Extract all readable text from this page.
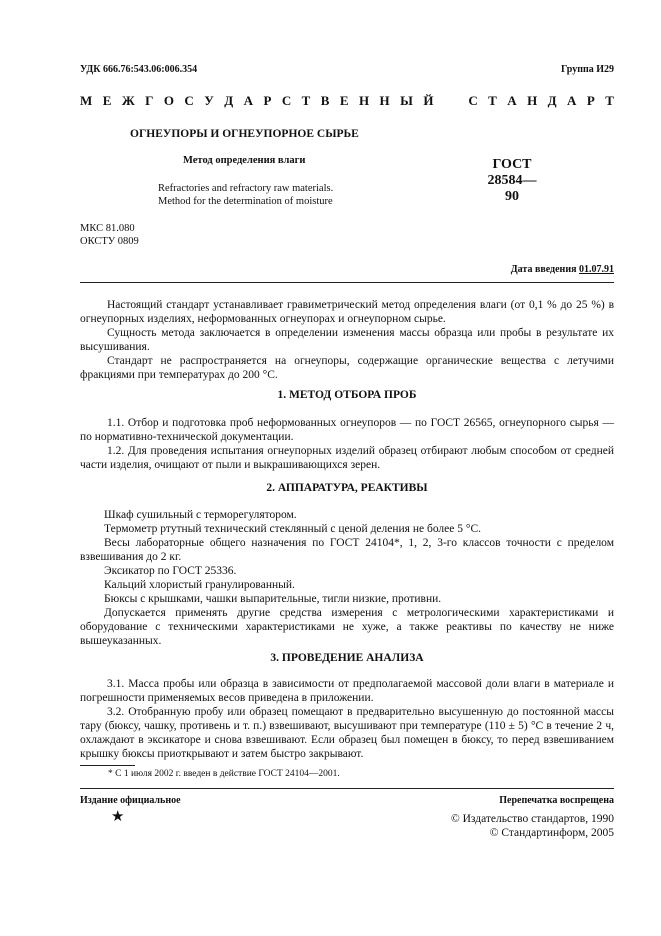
УДК 666.76:543.06:006.354	Группа И29
М Е Ж Г О С У Д А Р С Т В Е Н Н Ы Й	С Т А Н Д А Р Т
ОГНЕУПОРЫ И ОГНЕУПОРНОЕ СЫРЬЕ
Метод определения влаги
Refractories and refractory raw materials.
Method for the determination of moisture
ГОСТ
28584—90
МКС 81.080
ОКСТУ 0809
Дата введения 01.07.91

Настоящий стандарт устанавливает гравиметрический метод определения влаги (от 0,1 % до 25 %) в огнеупорных изделиях, неформованных огнеупорах и огнеупорном сырье.

Сущность метода заключается в определении изменения массы образца или пробы в результате их высушивания.

Стандарт не распространяется на огнеупоры, содержащие органические вещества с летучими фракциями при температурах до 200 °С.

1. МЕТОД ОТБОРА ПРОБ

1.1. Отбор и подготовка проб неформованных огнеупоров — по ГОСТ 26565, огнеупорного сырья — по нормативно-технической документации.

1.2. Для проведения испытания огнеупорных изделий образец отбирают любым способом от средней части изделия, очищают от пыли и выкрашивающихся зерен.

2. АППАРАТУРА, РЕАКТИВЫ

Шкаф сушильный с терморегулятором.

Термометр ртутный технический стеклянный с ценой деления не более 5 °С.

Весы лабораторные общего назначения по ГОСТ 24104*, 1, 2, 3-го классов точности с пределом взвешивания до 2 кг.

Эксикатор по ГОСТ 25336.

Кальций хлористый гранулированный.

Бюксы с крышками, чашки выпарительные, тигли низкие, противни.

Допускается применять другие средства измерения с метрологическими характеристиками и оборудование с техническими характеристиками не хуже, а также реактивы по качеству не ниже вышеуказанных.

3. ПРОВЕДЕНИЕ АНАЛИЗА

3.1. Масса пробы или образца в зависимости от предполагаемой массовой доли влаги в материале и погрешности применяемых весов приведена в приложении.

3.2. Отобранную пробу или образец помещают в предварительно высушенную до постоянной массы тару (бюксу, чашку, противень и т. п.) взвешивают, высушивают при температуре (110 ± 5) °С в течение 2 ч, охлаждают в эксикаторе и снова взвешивают. Если образец был помещен в бюксу, то перед взвешиванием крышку бюксы приоткрывают и затем быстро закрывают.

* С 1 июля 2002 г. введен в действие ГОСТ 24104—2001.
Издание официальное	Перепечатка воспрещена
★	© Издательство стандартов, 1990
© Стандартинформ, 2005
